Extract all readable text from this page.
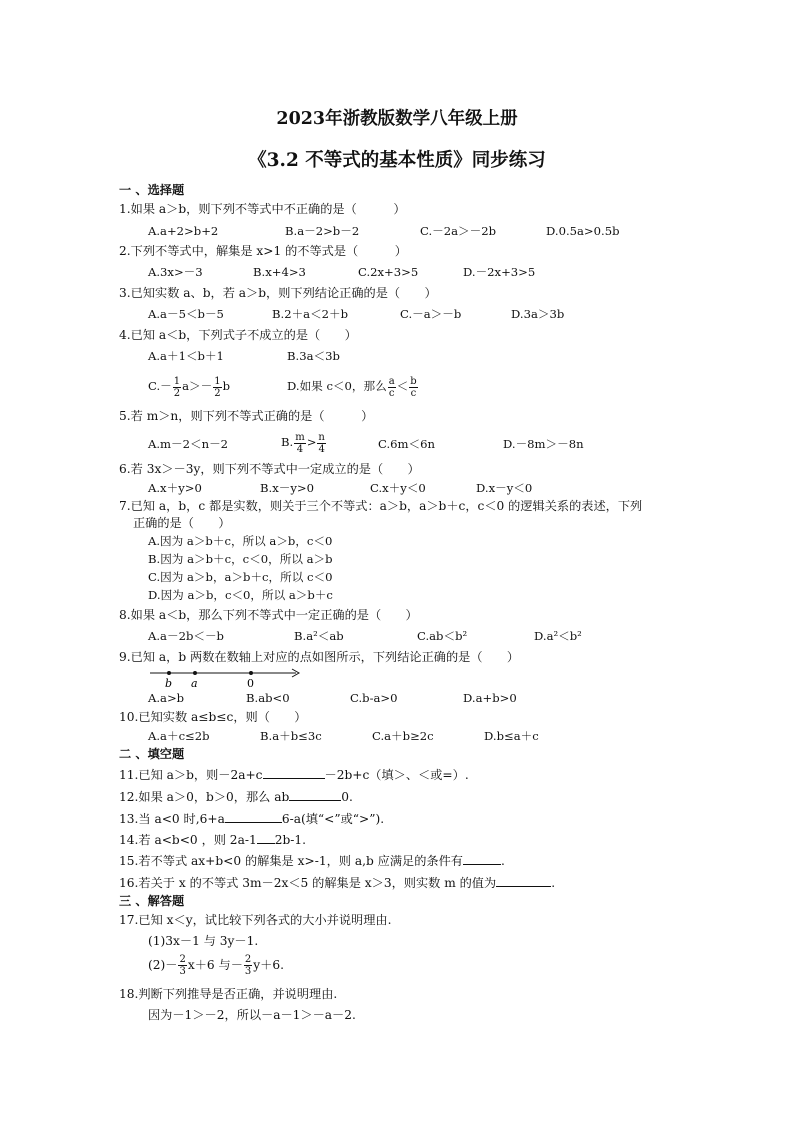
2023年浙教版数学八年级上册
《3.2 不等式的基本性质》同步练习
一 、选择题
1.如果 a＞b，则下列不等式中不正确的是（　　　）
A.a+2>b+2	B.a－2>b－2	C.－2a＞－2b	D.0.5a>0.5b
2.下列不等式中，解集是 x>1 的不等式是（　　　）
A.3x>－3	B.x+4>3	C.2x+3>5	D.－2x+3>5
3.已知实数 a、b，若 a＞b，则下列结论正确的是（　　）
A.a－5＜b－5	B.2＋a＜2＋b	C.－a＞－b	D.3a＞3b
4.已知 a＜b，下列式子不成立的是（　　）
A.a＋1＜b＋1	B.3a＜3b
$C.- \frac{1}{2} a>- \frac{1}{2}$ b	D.如果 c＜0，那么 $\frac{a}{c} < \frac{b}{c}$
5.若 m＞n，则下列不等式正确的是（　　　）
A.m－2＜n－2	B. $\frac{m}{4} > \frac{n}{4}$	C.6m＜6n	D.－8m＞－8n
6.若 3x＞－3y，则下列不等式中一定成立的是（　　）
A.x＋y>0	B.x－y>0	C.x＋y＜0	D.x－y＜0
7.已知 a，b，c 都是实数，则关于三个不等式：a＞b，a＞b＋c，c＜0 的逻辑关系的表述，下列
正确的是（　　）
A.因为 a＞b＋c，所以 a＞b，c＜0
B.因为 a＞b＋c，c＜0，所以 a＞b
C.因为 a＞b，a＞b＋c，所以 c＜0
D.因为 a＞b，c＜0，所以 a＞b＋c
8.如果 a＜b，那么下列不等式中一定正确的是（　　）
A.a－2b＜－b	B.a²＜ab	C.ab＜b²	D.a²＜b²
9.已知 a，b 两数在数轴上对应的点如图所示，下列结论正确的是（　　）
b a	0
A.a>b	B.ab<0	C.b-a>0	D.a+b>0
10.已知实数 a≤b≤c，则（　　）
A.a＋c≤2b	B.a＋b≤3c	C.a＋b≥2c	D.b≤a＋c
二 、填空题
11.已知 a＞b，则－2a+c	－2b+c（填＞、＜或=）.
12.如果 a＞0，b＞0，那么 ab	0.
13.当 a<0 时,6+a	6-a(填“<”或“>”).
14.若 a<b<0 ，则 2a-1 2b-1.
15.若不等式 ax+b<0 的解集是 x>-1，则 a,b 应满足的条件有	.
16.若关于 x 的不等式 3m－2x＜5 的解集是 x＞3，则实数 m 的值为	.
三 、解答题
17.已知 x＜y，试比较下列各式的大小并说明理由.
(1)3x－1 与 3y－1.
$(2)- \frac{2}{3} x+6$ 与－ $\frac{2}{3} y+6$.
18.判断下列推导是否正确，并说明理由.
因为－1＞－2，所以－a－1＞－a－2.
